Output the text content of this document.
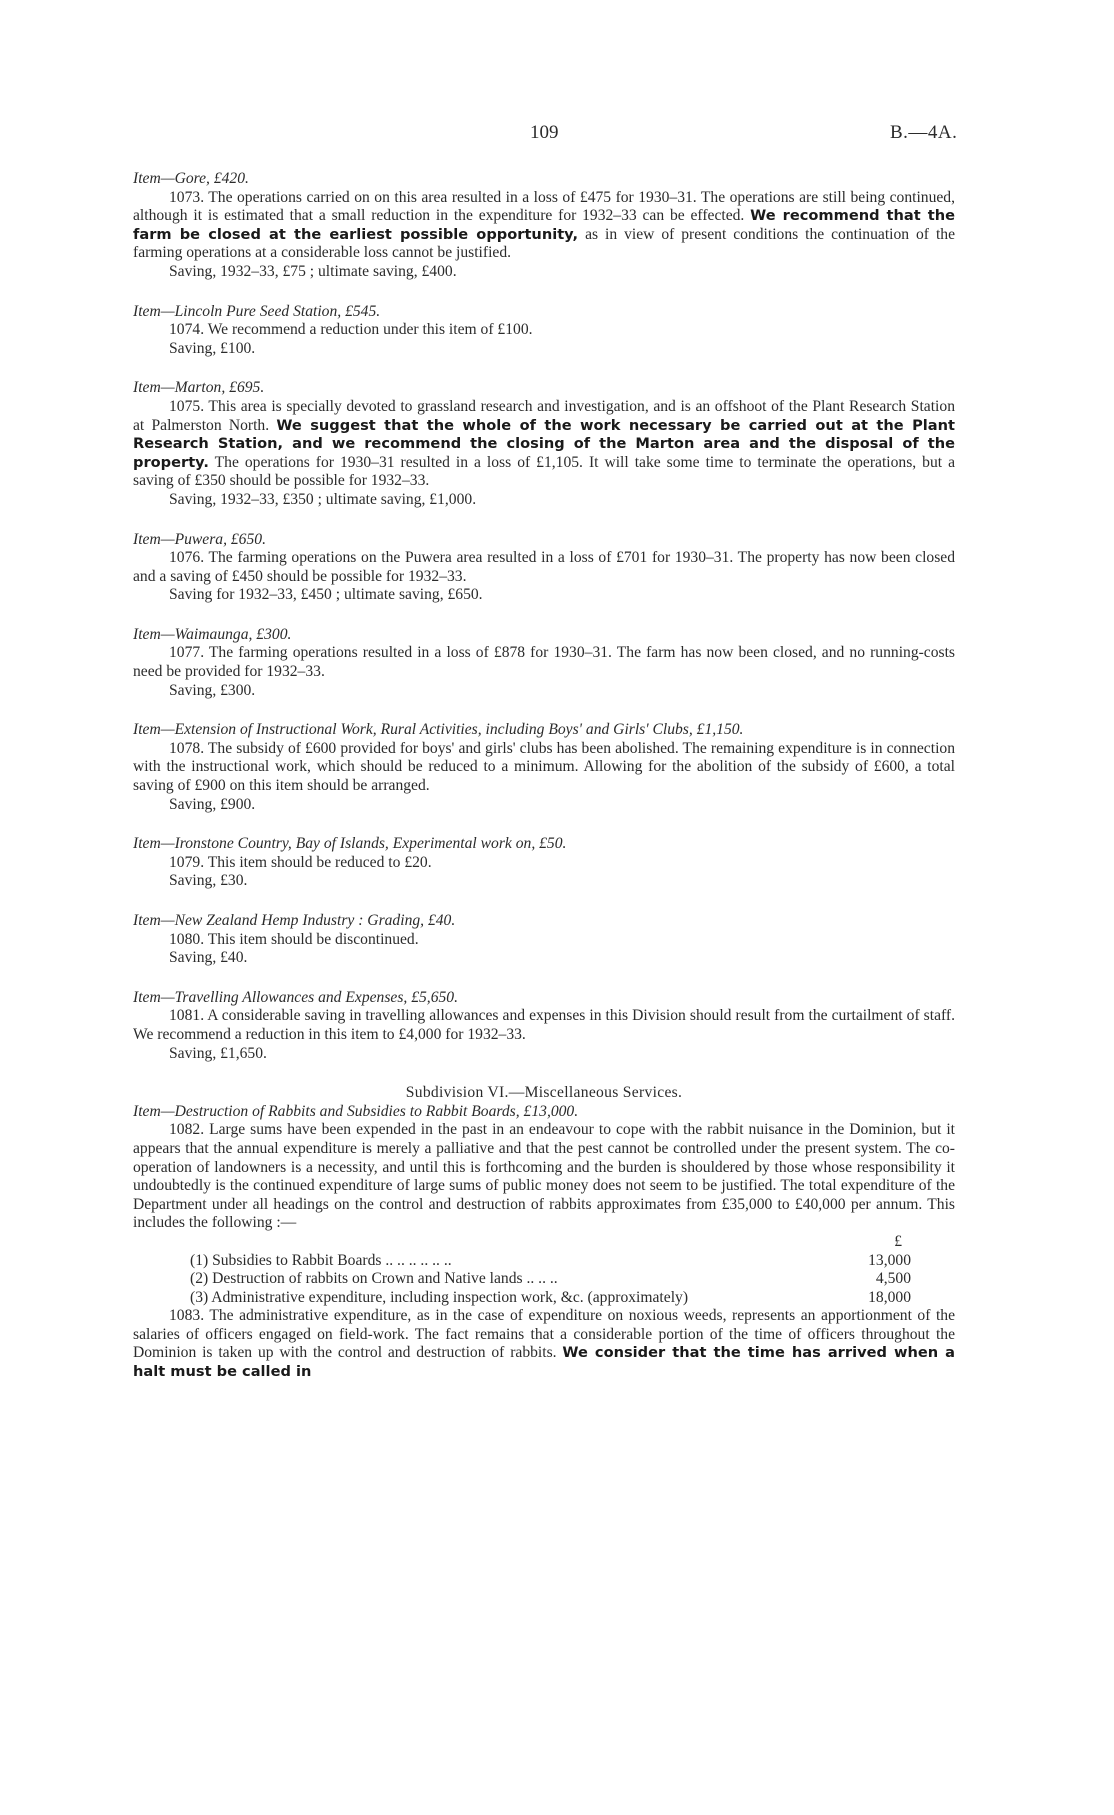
109	B.—4A.

Item—Gore, £420.

1073. The operations carried on on this area resulted in a loss of £475 for 1930–31. The operations are still being continued, although it is estimated that a small reduction in the expenditure for 1932–33 can be effected. We recommend that the farm be closed at the earliest possible opportunity, as in view of present conditions the continuation of the farming operations at a considerable loss cannot be justified.

Saving, 1932–33, £75 ; ultimate saving, £400.

Item—Lincoln Pure Seed Station, £545.

1074. We recommend a reduction under this item of £100.

Saving, £100.

Item—Marton, £695.

1075. This area is specially devoted to grassland research and investigation, and is an offshoot of the Plant Research Station at Palmerston North. We suggest that the whole of the work necessary be carried out at the Plant Research Station, and we recommend the closing of the Marton area and the disposal of the property. The operations for 1930–31 resulted in a loss of £1,105. It will take some time to terminate the operations, but a saving of £350 should be possible for 1932–33.

Saving, 1932–33, £350 ; ultimate saving, £1,000.

Item—Puwera, £650.

1076. The farming operations on the Puwera area resulted in a loss of £701 for 1930–31. The property has now been closed and a saving of £450 should be possible for 1932–33.

Saving for 1932–33, £450 ; ultimate saving, £650.

Item—Waimaunga, £300.

1077. The farming operations resulted in a loss of £878 for 1930–31. The farm has now been closed, and no running-costs need be provided for 1932–33.

Saving, £300.

Item—Extension of Instructional Work, Rural Activities, including Boys' and Girls' Clubs, £1,150.

1078. The subsidy of £600 provided for boys' and girls' clubs has been abolished. The remaining expenditure is in connection with the instructional work, which should be reduced to a minimum. Allowing for the abolition of the subsidy of £600, a total saving of £900 on this item should be arranged.

Saving, £900.

Item—Ironstone Country, Bay of Islands, Experimental work on, £50.

1079. This item should be reduced to £20.

Saving, £30.

Item—New Zealand Hemp Industry : Grading, £40.

1080. This item should be discontinued.

Saving, £40.

Item—Travelling Allowances and Expenses, £5,650.

1081. A considerable saving in travelling allowances and expenses in this Division should result from the curtailment of staff. We recommend a reduction in this item to £4,000 for 1932–33.

Saving, £1,650.

Subdivision VI.—Miscellaneous Services.

Item—Destruction of Rabbits and Subsidies to Rabbit Boards, £13,000.

1082. Large sums have been expended in the past in an endeavour to cope with the rabbit nuisance in the Dominion, but it appears that the annual expenditure is merely a palliative and that the pest cannot be controlled under the present system. The co-operation of landowners is a necessity, and until this is forthcoming and the burden is shouldered by those whose responsibility it undoubtedly is the continued expenditure of large sums of public money does not seem to be justified. The total expenditure of the Department under all headings on the control and destruction of rabbits approximates from £35,000 to £40,000 per annum. This includes the following :—

£

(1) Subsidies to Rabbit Boards .. .. .. .. .. ..	13,000
(2) Destruction of rabbits on Crown and Native lands .. .. ..	4,500
(3) Administrative expenditure, including inspection work, &c. (approximately)	18,000

1083. The administrative expenditure, as in the case of expenditure on noxious weeds, represents an apportionment of the salaries of officers engaged on field-work. The fact remains that a considerable portion of the time of officers throughout the Dominion is taken up with the control and destruction of rabbits. We consider that the time has arrived when a halt must be called in
